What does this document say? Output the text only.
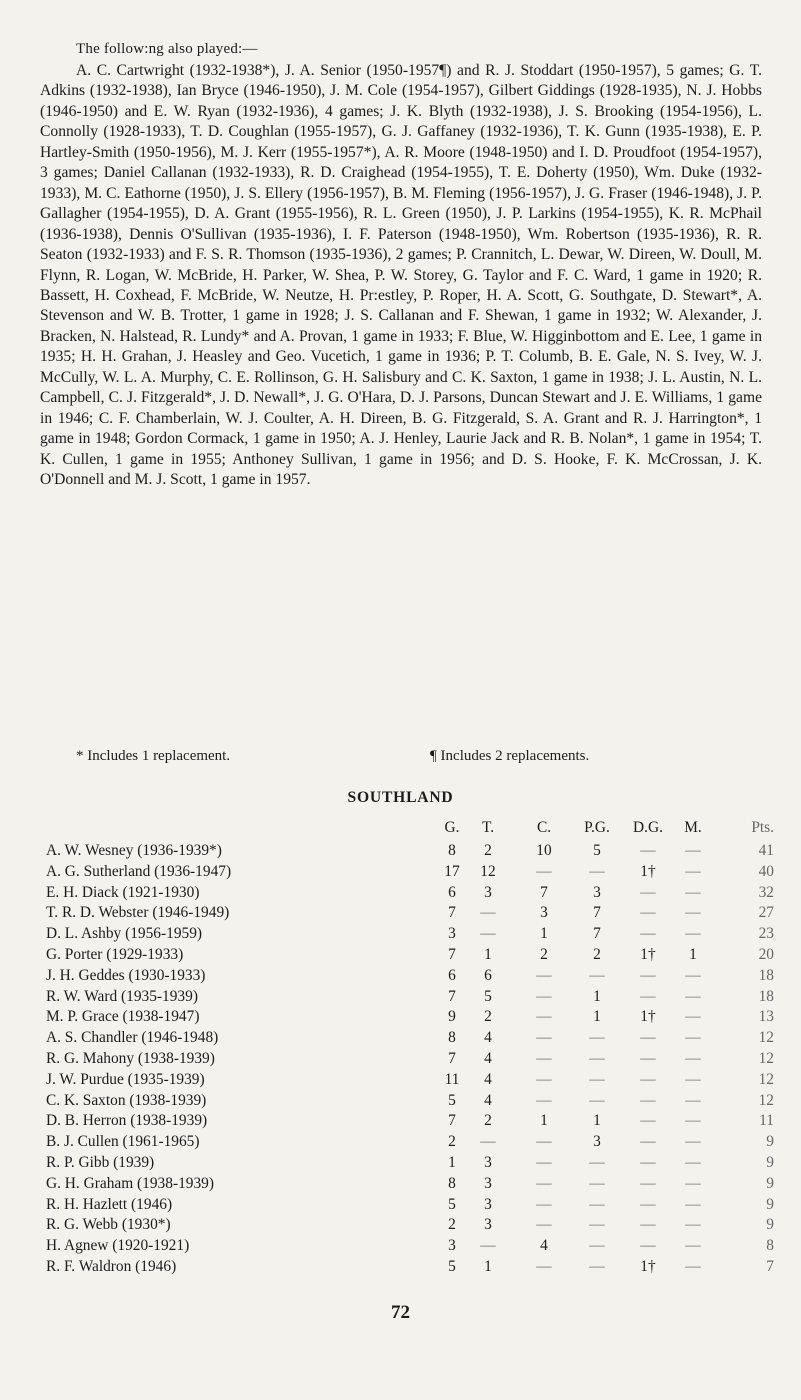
The follow:ng also played:—

A. C. Cartwright (1932-1938*), J. A. Senior (1950-1957¶) and R. J. Stoddart (1950-1957), 5 games; G. T. Adkins (1932-1938), Ian Bryce (1946-1950), J. M. Cole (1954-1957), Gilbert Giddings (1928-1935), N. J. Hobbs (1946-1950) and E. W. Ryan (1932-1936), 4 games; J. K. Blyth (1932-1938), J. S. Brooking (1954-1956), L. Connolly (1928-1933), T. D. Coughlan (1955-1957), G. J. Gaffaney (1932-1936), T. K. Gunn (1935-1938), E. P. Hartley-Smith (1950-1956), M. J. Kerr (1955-1957*), A. R. Moore (1948-1950) and I. D. Proudfoot (1954-1957), 3 games; Daniel Callanan (1932-1933), R. D. Craighead (1954-1955), T. E. Doherty (1950), Wm. Duke (1932-1933), M. C. Eathorne (1950), J. S. Ellery (1956-1957), B. M. Fleming (1956-1957), J. G. Fraser (1946-1948), J. P. Gallagher (1954-1955), D. A. Grant (1955-1956), R. L. Green (1950), J. P. Larkins (1954-1955), K. R. McPhail (1936-1938), Dennis O'Sullivan (1935-1936), I. F. Paterson (1948-1950), Wm. Robertson (1935-1936), R. R. Seaton (1932-1933) and F. S. R. Thomson (1935-1936), 2 games; P. Crannitch, L. Dewar, W. Direen, W. Doull, M. Flynn, R. Logan, W. McBride, H. Parker, W. Shea, P. W. Storey, G. Taylor and F. C. Ward, 1 game in 1920; R. Bassett, H. Coxhead, F. McBride, W. Neutze, H. Pr:estley, P. Roper, H. A. Scott, G. Southgate, D. Stewart*, A. Stevenson and W. B. Trotter, 1 game in 1928; J. S. Callanan and F. Shewan, 1 game in 1932; W. Alexander, J. Bracken, N. Halstead, R. Lundy* and A. Provan, 1 game in 1933; F. Blue, W. Higginbottom and E. Lee, 1 game in 1935; H. H. Grahan, J. Heasley and Geo. Vucetich, 1 game in 1936; P. T. Columb, B. E. Gale, N. S. Ivey, W. J. McCully, W. L. A. Murphy, C. E. Rollinson, G. H. Salisbury and C. K. Saxton, 1 game in 1938; J. L. Austin, N. L. Campbell, C. J. Fitzgerald*, J. D. Newall*, J. G. O'Hara, D. J. Parsons, Duncan Stewart and J. E. Williams, 1 game in 1946; C. F. Chamberlain, W. J. Coulter, A. H. Direen, B. G. Fitzgerald, S. A. Grant and R. J. Harrington*, 1 game in 1948; Gordon Cormack, 1 game in 1950; A. J. Henley, Laurie Jack and R. B. Nolan*, 1 game in 1954; T. K. Cullen, 1 game in 1955; Anthoney Sullivan, 1 game in 1956; and D. S. Hooke, F. K. McCrossan, J. K. O'Donnell and M. J. Scott, 1 game in 1957.

* Includes 1 replacement.	¶ Includes 2 replacements.
SOUTHLAND
G.	T.	C.	P.G.	D.G.	M.	Pts.
A. W. Wesney (1936-1939*)	8	2	10	5	—	—	41
A. G. Sutherland (1936-1947)	17	12	—	—	1†	—	40
E. H. Diack (1921-1930)	6	3	7	3	—	—	32
T. R. D. Webster (1946-1949)	7	—	3	7	—	—	27
D. L. Ashby (1956-1959)	3	—	1	7	—	—	23
G. Porter (1929-1933)	7	1	2	2	1†	1	20
J. H. Geddes (1930-1933)	6	6	—	—	—	—	18
R. W. Ward (1935-1939)	7	5	—	1	—	—	18
M. P. Grace (1938-1947)	9	2	—	1	1†	—	13
A. S. Chandler (1946-1948)	8	4	—	—	—	—	12
R. G. Mahony (1938-1939)	7	4	—	—	—	—	12
J. W. Purdue (1935-1939)	11	4	—	—	—	—	12
C. K. Saxton (1938-1939)	5	4	—	—	—	—	12
D. B. Herron (1938-1939)	7	2	1	1	—	—	11
B. J. Cullen (1961-1965)	2	—	—	3	—	—	9
R. P. Gibb (1939)	1	3	—	—	—	—	9
G. H. Graham (1938-1939)	8	3	—	—	—	—	9
R. H. Hazlett (1946)	5	3	—	—	—	—	9
R. G. Webb (1930*)	2	3	—	—	—	—	9
H. Agnew (1920-1921)	3	—	4	—	—	—	8
R. F. Waldron (1946)	5	1	—	—	1†	—	7
72
